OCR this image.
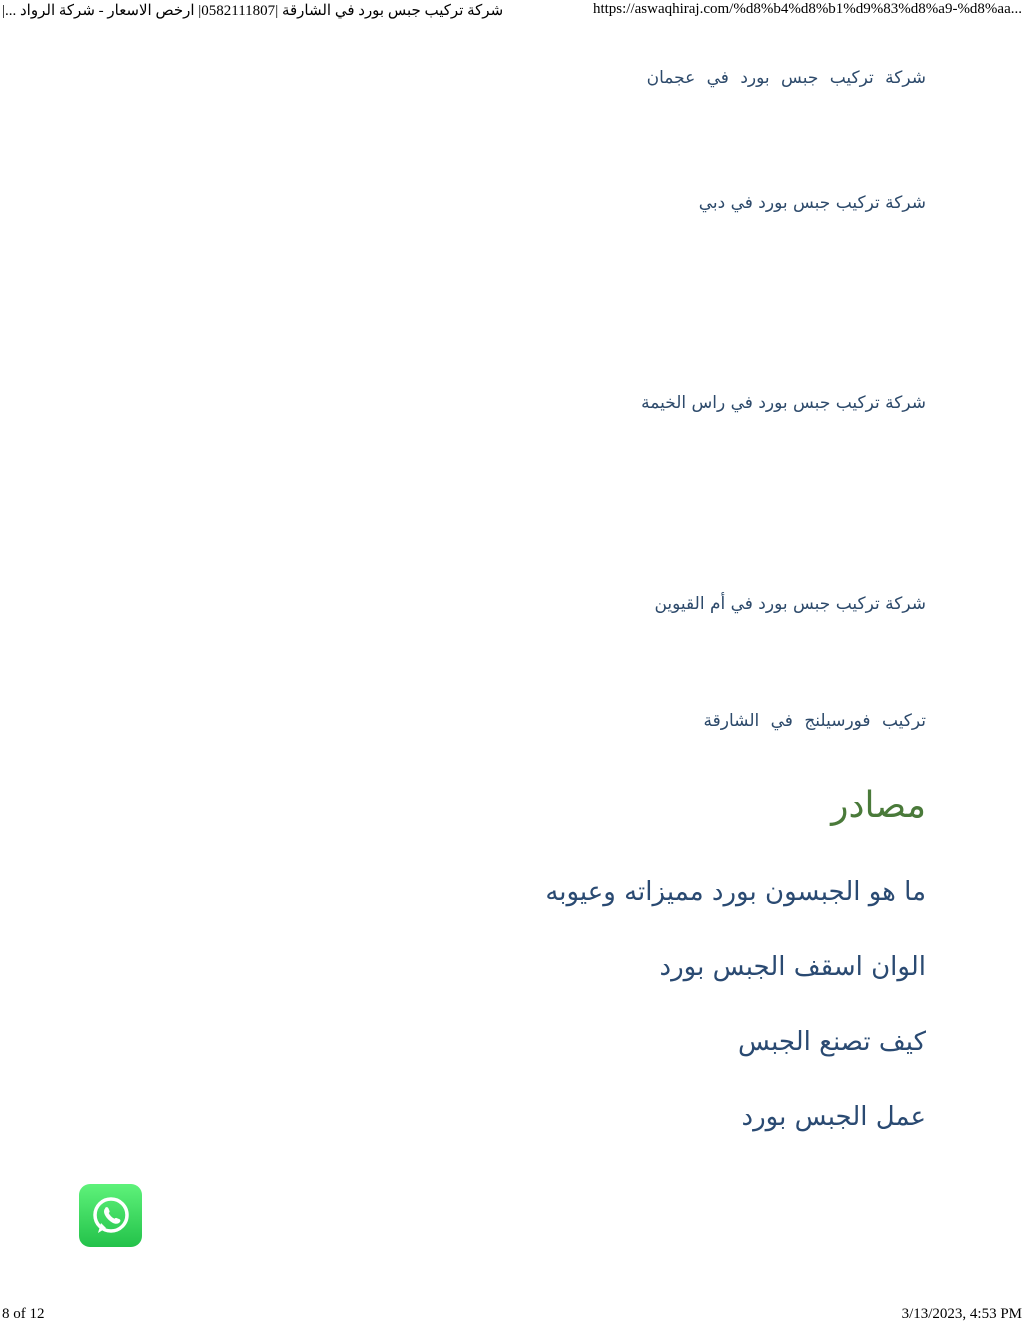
شركة تركيب جبس بورد في الشارقة |0582111807| ارخص الاسعار - شركة الرواد ...|	https://aswaqhiraj.com/%d8%b4%d8%b1%d9%83%d8%a9-%d8%aa...
شركة تركيب جبس بورد في عجمان
شركة تركيب جبس بورد في دبي
شركة تركيب جبس بورد في راس الخيمة
شركة تركيب جبس بورد في أم القيوين
تركيب فورسيلنج في الشارقة
مصادر
ما هو الجبسون بورد مميزاته وعيوبه
الوان اسقف الجبس بورد
كيف تصنع الجبس
عمل الجبس بورد
8 of 12	3/13/2023, 4:53 PM
